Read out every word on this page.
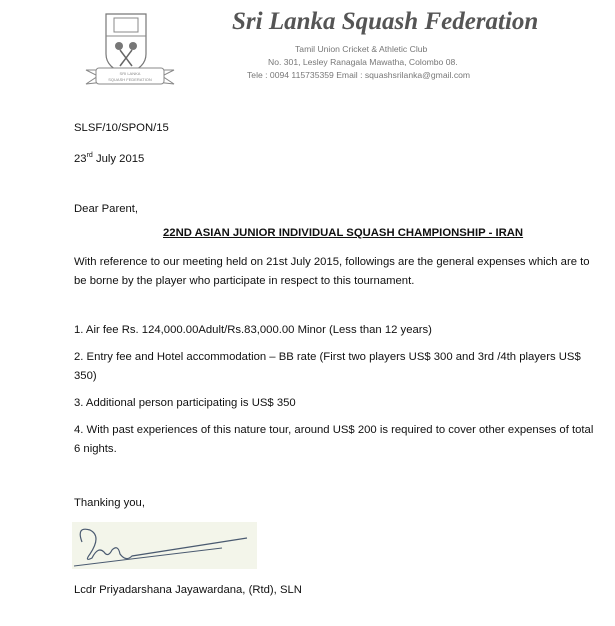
SRI LANKA
SQUASH FEDERATION
Sri Lanka Squash Federation
Tamil Union Cricket & Athletic Club
No. 301, Lesley Ranagala Mawatha, Colombo 08.
Tele : 0094 115735359 Email : squashsrilanka@gmail.com
SLSF/10/SPON/15
23rd July 2015
Dear Parent,
22ND ASIAN JUNIOR INDIVIDUAL SQUASH CHAMPIONSHIP - IRAN
With reference to our meeting held on 21st July 2015, followings are the general expenses which are to be borne by the player who participate in respect to this tournament.
1. Air fee Rs. 124,000.00Adult/Rs.83,000.00 Minor (Less than 12 years)
2. Entry fee and Hotel accommodation – BB rate (First two players US$ 300 and 3rd /4th players US$ 350)
3. Additional person participating is US$ 350
4. With past experiences of this nature tour, around US$ 200 is required to cover other expenses of total 6 nights.
Thanking you,
Lcdr Priyadarshana Jayawardana, (Rtd), SLN
